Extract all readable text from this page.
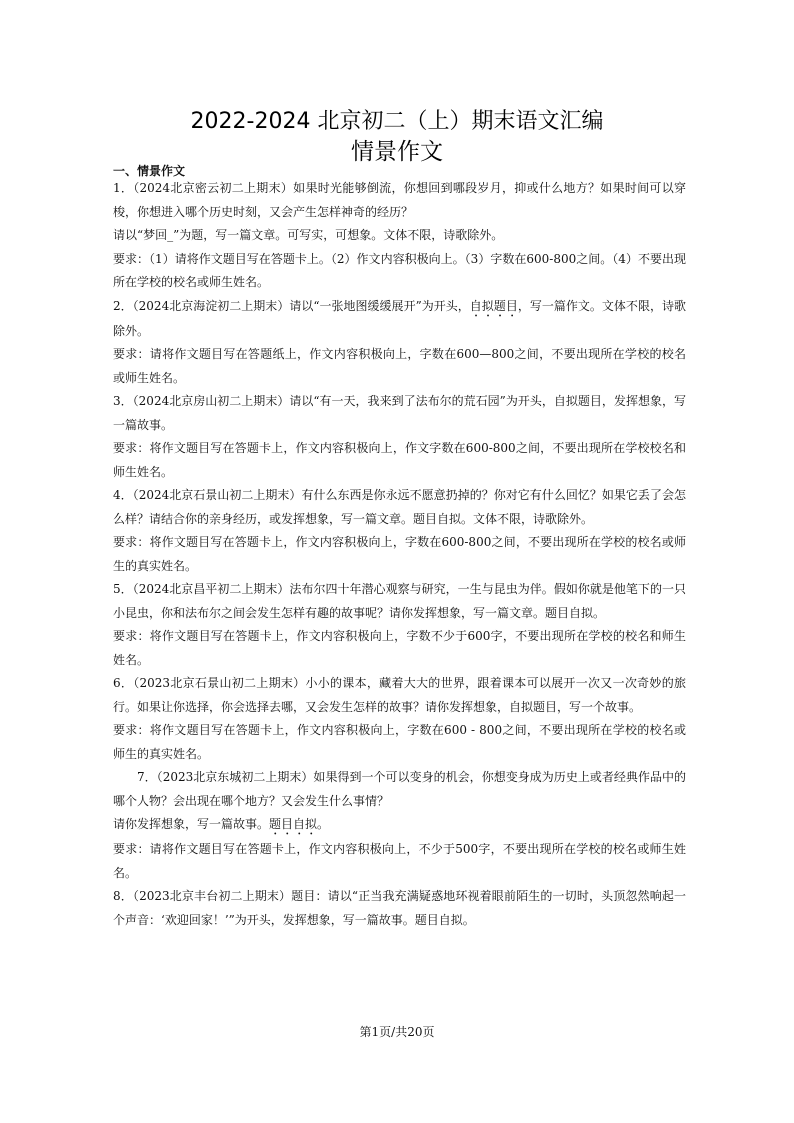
2022-2024 北京初二（上）期末语文汇编
情景作文
一、情景作文

1．（2024北京密云初二上期末）如果时光能够倒流，你想回到哪段岁月，抑或什么地方？如果时间可以穿梭，你想进入哪个历史时刻，又会产生怎样神奇的经历？

请以“梦回_”为题，写一篇文章。可写实，可想象。文体不限，诗歌除外。

要求：（1）请将作文题目写在答题卡上。（2）作文内容积极向上。（3）字数在600-800之间。（4）不要出现所在学校的校名或师生姓名。

2．（2024北京海淀初二上期末）请以“一张地图缓缓展开”为开头，自拟题目，写一篇作文。文体不限，诗歌除外。

要求：请将作文题目写在答题纸上，作文内容积极向上，字数在600—800之间，不要出现所在学校的校名或师生姓名。

3．（2024北京房山初二上期末）请以“有一天，我来到了法布尔的荒石园”为开头，自拟题目，发挥想象，写一篇故事。

要求：将作文题目写在答题卡上，作文内容积极向上，作文字数在600-800之间，不要出现所在学校校名和师生姓名。

4．（2024北京石景山初二上期末）有什么东西是你永远不愿意扔掉的？你对它有什么回忆？如果它丢了会怎么样？请结合你的亲身经历，或发挥想象，写一篇文章。题目自拟。文体不限，诗歌除外。

要求：将作文题目写在答题卡上，作文内容积极向上，字数在600-800之间，不要出现所在学校的校名或师生的真实姓名。

5．（2024北京昌平初二上期末）法布尔四十年潜心观察与研究，一生与昆虫为伴。假如你就是他笔下的一只小昆虫，你和法布尔之间会发生怎样有趣的故事呢？请你发挥想象，写一篇文章。题目自拟。

要求：将作文题目写在答题卡上，作文内容积极向上，字数不少于600字，不要出现所在学校的校名和师生姓名。

6．（2023北京石景山初二上期末）小小的课本，藏着大大的世界，跟着课本可以展开一次又一次奇妙的旅行。如果让你选择，你会选择去哪，又会发生怎样的故事？请你发挥想象，自拟题目，写一个故事。

要求：将作文题目写在答题卡上，作文内容积极向上，字数在600 - 800之间，不要出现所在学校的校名或师生的真实姓名。

7．（2023北京东城初二上期末）如果得到一个可以变身的机会，你想变身成为历史上或者经典作品中的哪个人物？会出现在哪个地方？又会发生什么事情？

请你发挥想象，写一篇故事。题目自拟。

要求：请将作文题目写在答题卡上，作文内容积极向上，不少于500字，不要出现所在学校的校名或师生姓名。

8．（2023北京丰台初二上期末）题目：请以“正当我充满疑惑地环视着眼前陌生的一切时，头顶忽然响起一个声音：‘欢迎回家！’”为开头，发挥想象，写一篇故事。题目自拟。

第1页/共20页
